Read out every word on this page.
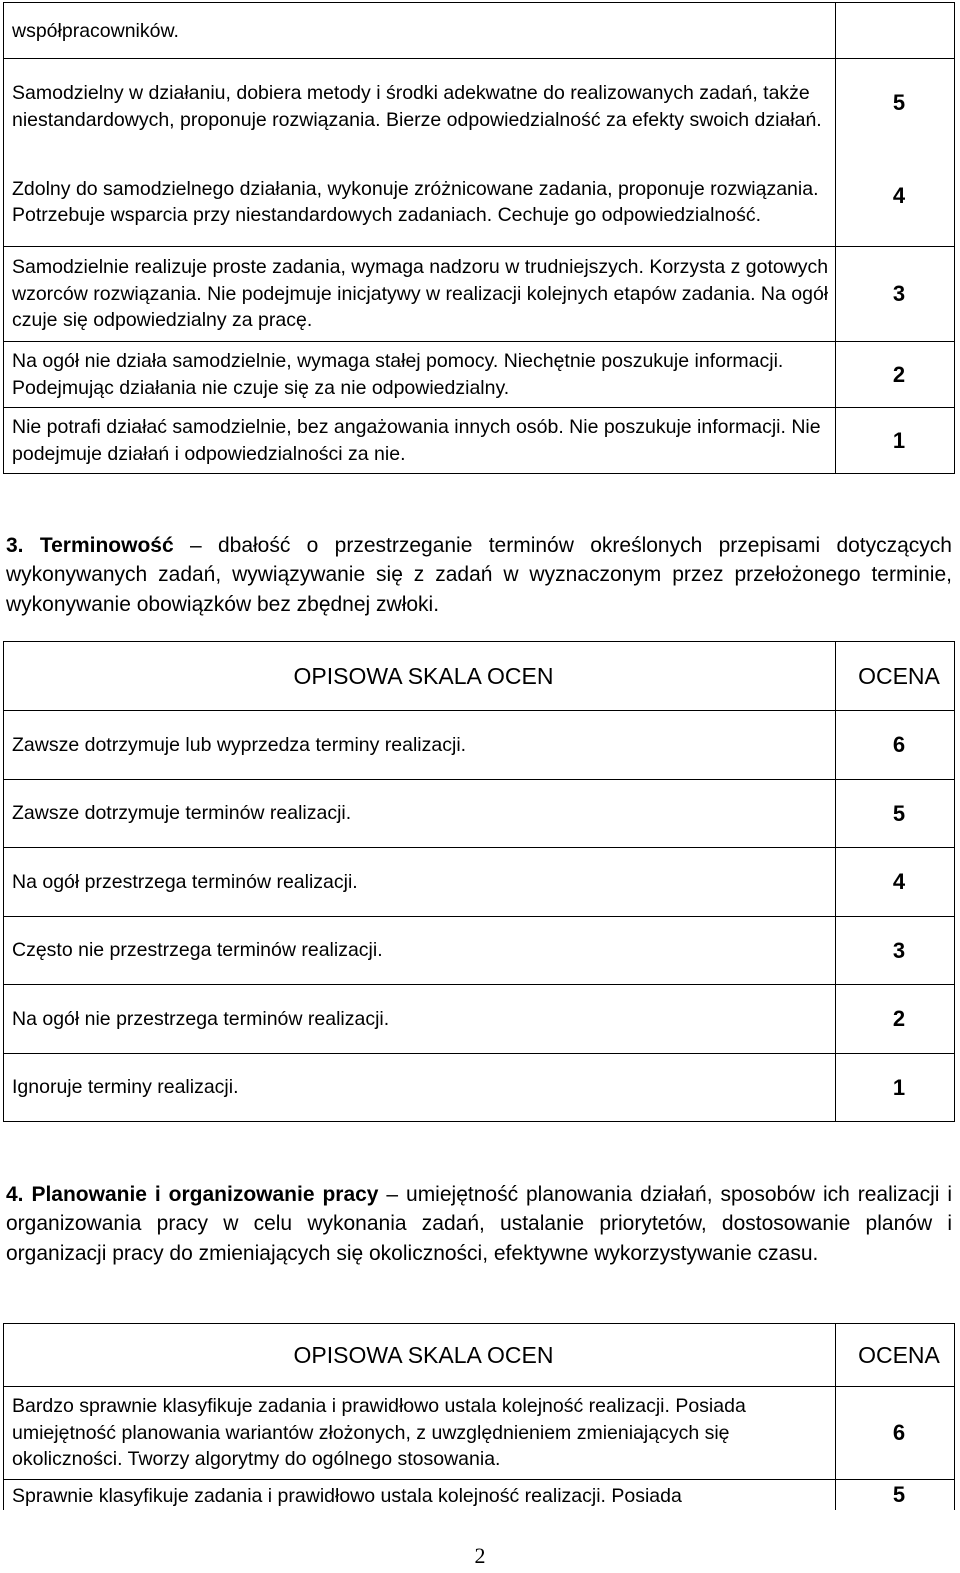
współpracowników.	
Samodzielny w działaniu, dobiera metody i środki adekwatne do realizowanych zadań, także niestandardowych, proponuje rozwiązania. Bierze odpowiedzialność za efekty swoich działań.	5
Zdolny do samodzielnego działania, wykonuje zróżnicowane zadania, proponuje rozwiązania. Potrzebuje wsparcia przy niestandardowych zadaniach. Cechuje go odpowiedzialność.	4
Samodzielnie realizuje proste zadania, wymaga nadzoru w trudniejszych. Korzysta z gotowych wzorców rozwiązania. Nie podejmuje inicjatywy w realizacji kolejnych etapów zadania. Na ogół czuje się odpowiedzialny za pracę.	3
Na ogół nie działa samodzielnie, wymaga stałej pomocy. Niechętnie poszukuje informacji. Podejmując działania nie czuje się za nie odpowiedzialny.	2
Nie potrafi działać samodzielnie, bez angażowania innych osób. Nie poszukuje informacji. Nie podejmuje działań i odpowiedzialności za nie.	1
3. Terminowość – dbałość o przestrzeganie terminów określonych przepisami dotyczących wykonywanych zadań, wywiązywanie się z zadań w wyznaczonym przez przełożonego terminie, wykonywanie obowiązków bez zbędnej zwłoki.
OPISOWA SKALA OCEN	OCENA
Zawsze dotrzymuje lub wyprzedza terminy realizacji.	6
Zawsze dotrzymuje terminów realizacji.	5
Na ogół przestrzega terminów realizacji.	4
Często nie przestrzega terminów realizacji.	3
Na ogół nie przestrzega terminów realizacji.	2
Ignoruje terminy realizacji.	1
4. Planowanie i organizowanie pracy – umiejętność planowania działań, sposobów ich realizacji i organizowania pracy w celu wykonania zadań, ustalanie priorytetów, dostosowanie planów i organizacji pracy do zmieniających się okoliczności, efektywne wykorzystywanie czasu.
OPISOWA SKALA OCEN	OCENA
Bardzo sprawnie klasyfikuje zadania i prawidłowo ustala kolejność realizacji. Posiada umiejętność planowania wariantów złożonych, z uwzględnieniem zmieniających się okoliczności. Tworzy algorytmy do ogólnego stosowania.	6
Sprawnie klasyfikuje zadania i prawidłowo ustala kolejność realizacji. Posiada	5
2
